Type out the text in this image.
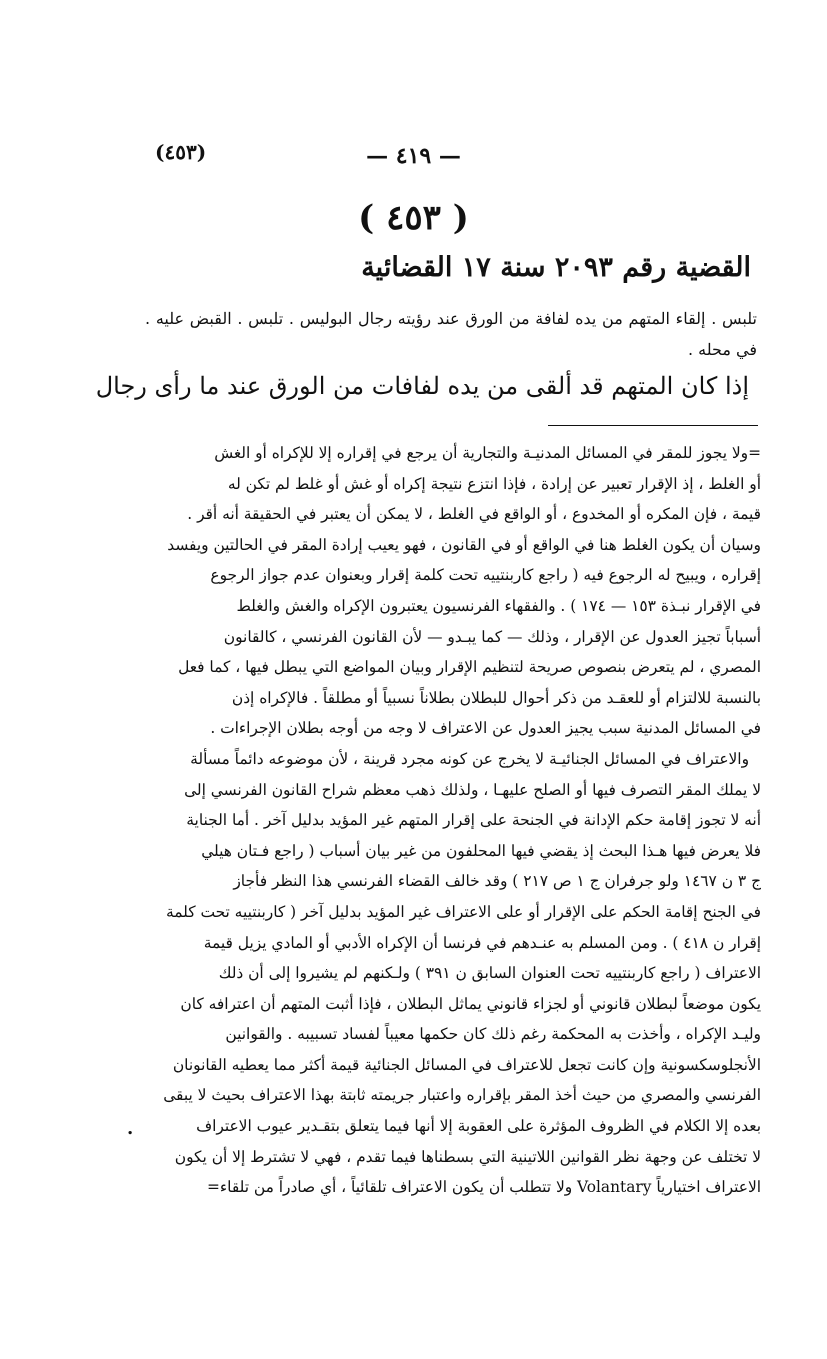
(٤٥٣)	— ٤١٩ —
( ٤٥٣ )
القضية رقم ٢٠٩٣ سنة ١٧ القضائية
تلبس . إلقاء المتهم من يده لفافة من الورق عند رؤيته رجال البوليس . تلبس . القبض عليه . في محله .
إذا كان المتهم قد ألقى من يده لفافات من الورق عند ما رأى رجال
=ولا يجوز للمقر في المسائل المدنيـة والتجارية أن يرجع في إقراره إلا للإكراه أو الغش
أو الغلط ، إذ الإقرار تعبير عن إرادة ، فإذا انتزع نتيجة إكراه أو غش أو غلط لم تكن له
قيمة ، فإن المكره أو المخدوع ، أو الواقع في الغلط ، لا يمكن أن يعتبر في الحقيقة أنه أقر .
وسيان أن يكون الغلط هنا في الواقع أو في القانون ، فهو يعيب إرادة المقر في الحالتين ويفسد
إقراره ، ويبيح له الرجوع فيه ( راجع كاربنتييه تحت كلمة إقرار وبعنوان عدم جواز الرجوع
في الإقرار نبـذة ١٥٣ — ١٧٤ ) . والفقهاء الفرنسيون يعتبرون الإكراه والغش والغلط
أسباباً تجيز العدول عن الإقرار ، وذلك — كما يبـدو — لأن القانون الفرنسي ، كالقانون
المصري ، لم يتعرض بنصوص صريحة لتنظيم الإقرار وبيان المواضع التي يبطل فيها ، كما فعل
بالنسبة للالتزام أو للعقـد من ذكر أحوال للبطلان بطلاناً نسبياً أو مطلقاً . فالإكراه إذن
في المسائل المدنية سبب يجيز العدول عن الاعتراف لا وجه من أوجه بطلان الإجراءات .
والاعتراف في المسائل الجنائيـة لا يخرج عن كونه مجرد قرينة ، لأن موضوعه دائماً مسألة
لا يملك المقر التصرف فيها أو الصلح عليهـا ، ولذلك ذهب معظم شراح القانون الفرنسي إلى
أنه لا تجوز إقامة حكم الإدانة في الجنحة على إقرار المتهم غير المؤيد بدليل آخر . أما الجناية
فلا يعرض فيها هـذا البحث إذ يقضي فيها المحلفون من غير بيان أسباب ( راجع فـتان هيلي
ج ٣ ن ١٤٦٧ ولو جرفران ج ١ ص ٢١٧ ) وقد خالف القضاء الفرنسي هذا النظر فأجاز
في الجنح إقامة الحكم على الإقرار أو على الاعتراف غير المؤيد بدليل آخر ( كاربنتييه تحت كلمة
إقرار ن ٤١٨ ) . ومن المسلم به عنـدهم في فرنسا أن الإكراه الأدبي أو المادي يزيل قيمة
الاعتراف ( راجع كاربنتييه تحت العنوان السابق ن ٣٩١ ) ولـكنهم لم يشيروا إلى أن ذلك
يكون موضعاً لبطلان قانوني أو لجزاء قانوني يماثل البطلان ، فإذا أثبت المتهم أن اعترافه كان
وليـد الإكراه ، وأخذت به المحكمة رغم ذلك كان حكمها معيباً لفساد تسبيبه . والقوانين
الأنجلوسكسونية وإن كانت تجعل للاعتراف في المسائل الجنائية قيمة أكثر مما يعطيه القانونان
الفرنسي والمصري من حيث أخذ المقر بإقراره واعتبار جريمته ثابتة بهذا الاعتراف بحيث لا يبقى
بعده إلا الكلام في الظروف المؤثرة على العقوبة إلا أنها فيما يتعلق بتقـدير عيوب الاعتراف
لا تختلف عن وجهة نظر القوانين اللاتينية التي بسطناها فيما تقدم ، فهي لا تشترط إلا أن يكون
الاعتراف اختيارياً Volantary ولا تتطلب أن يكون الاعتراف تلقائياً ، أي صادراً من تلقاء=
.
